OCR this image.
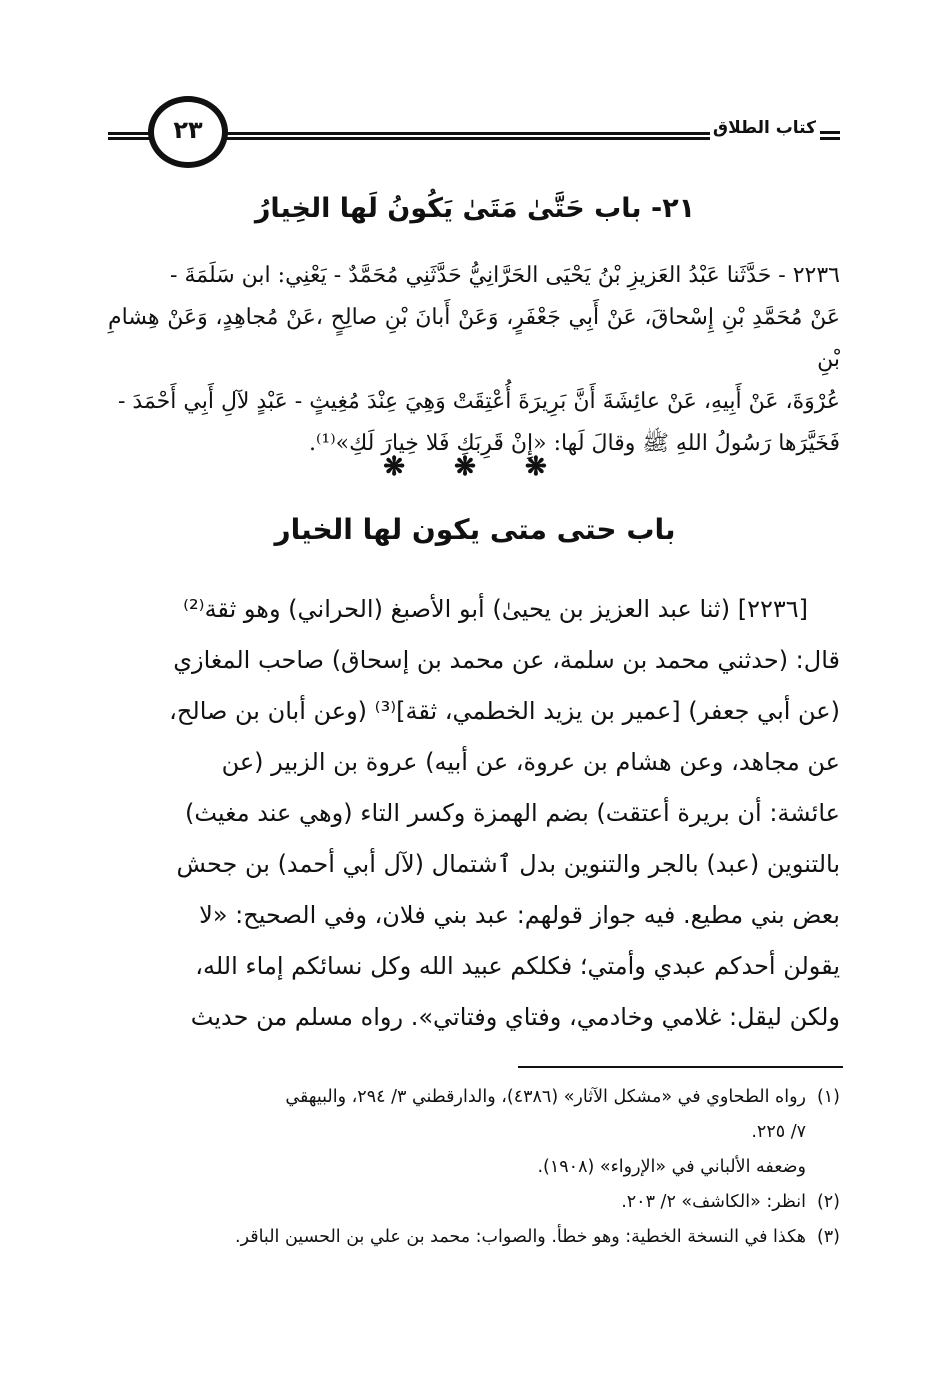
كتاب الطلاق
٢٣
٢١- باب حَتَّىٰ مَتَىٰ يَكُونُ لَها الخِيارُ
٢٢٣٦ - حَدَّثَنا عَبْدُ العَزيزِ بْنُ يَحْيَى الحَرَّانِيُّ حَدَّثَنِي مُحَمَّدٌ - يَعْنِي: ابن سَلَمَةَ -
عَنْ مُحَمَّدِ بْنِ إِسْحاقَ، عَنْ أَبِي جَعْفَرٍ، وَعَنْ أَبانَ بْنِ صالِحٍ ،عَنْ مُجاهِدٍ، وَعَنْ هِشامِ بْنِ
عُرْوَةَ، عَنْ أَبِيهِ، عَنْ عائِشَةَ أَنَّ بَرِيرَةَ أُعْتِقَتْ وَهِيَ عِنْدَ مُغِيثٍ - عَبْدٍ لآلِ أَبِي أَحْمَدَ -
فَخَيَّرَها رَسُولُ اللهِ ﷺ وقالَ لَها: «إِنْ قَرِبَكِ فَلا خِيارَ لَكِ»⁽¹⁾.
❋ ❋ ❋
باب حتى متى يكون لها الخيار
[٢٢٣٦] (ثنا عبد العزيز بن يحيىٰ) أبو الأصبغ (الحراني) وهو ثقة⁽²⁾
قال: (حدثني محمد بن سلمة، عن محمد بن إسحاق) صاحب المغازي
(عن أبي جعفر) [عمير بن يزيد الخطمي، ثقة]⁽³⁾ (وعن أبان بن صالح،
عن مجاهد، وعن هشام بن عروة، عن أبيه) عروة بن الزبير (عن
عائشة: أن بريرة أعتقت) بضم الهمزة وكسر التاء (وهي عند مغيث)
بالتنوين (عبد) بالجر والتنوين بدل ٱشتمال (لآل أبي أحمد) بن جحش
بعض بني مطيع. فيه جواز قولهم: عبد بني فلان، وفي الصحيح: «لا
يقولن أحدكم عبدي وأمتي؛ فكلكم عبيد الله وكل نسائكم إماء الله،
ولكن ليقل: غلامي وخادمي، وفتاي وفتاتي». رواه مسلم من حديث
(١)رواه الطحاوي في «مشكل الآثار» (٤٣٨٦)، والدارقطني ٣/ ٢٩٤، والبيهقي
٧/ ٢٢٥.
وضعفه الألباني في «الإرواء» (١٩٠٨).
(٢)انظر: «الكاشف» ٢/ ٢٠٣.
(٣)هكذا في النسخة الخطية: وهو خطأ. والصواب: محمد بن علي بن الحسين الباقر.
